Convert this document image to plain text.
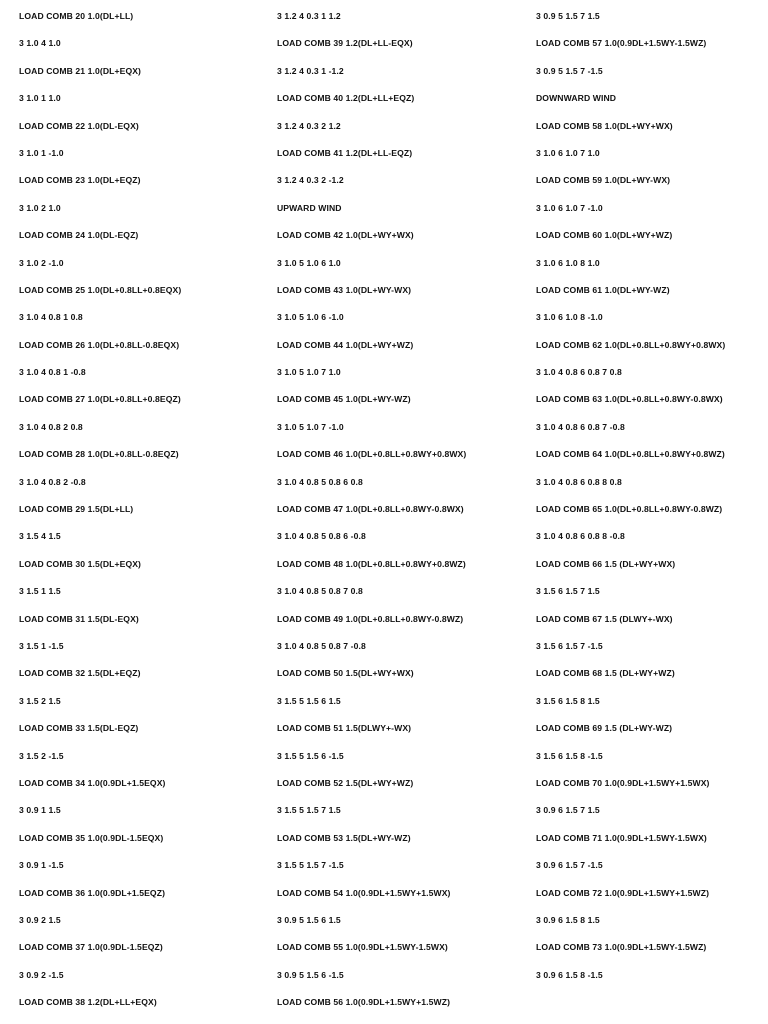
LOAD COMB 20 1.0(DL+LL)
3 1.0 4 1.0
LOAD COMB 21 1.0(DL+EQX)
3 1.0 1 1.0
LOAD COMB 22 1.0(DL-EQX)
3 1.0 1 -1.0
LOAD COMB 23 1.0(DL+EQZ)
3 1.0 2 1.0
LOAD COMB 24 1.0(DL-EQZ)
3 1.0 2 -1.0
LOAD COMB 25 1.0(DL+0.8LL+0.8EQX)
3 1.0 4 0.8 1 0.8
LOAD COMB 26 1.0(DL+0.8LL-0.8EQX)
3 1.0 4 0.8 1 -0.8
LOAD COMB 27 1.0(DL+0.8LL+0.8EQZ)
3 1.0 4 0.8 2 0.8
LOAD COMB 28 1.0(DL+0.8LL-0.8EQZ)
3 1.0 4 0.8 2 -0.8
LOAD COMB 29 1.5(DL+LL)
3 1.5 4 1.5
LOAD COMB 30 1.5(DL+EQX)
3 1.5 1 1.5
LOAD COMB 31 1.5(DL-EQX)
3 1.5 1 -1.5
LOAD COMB 32 1.5(DL+EQZ)
3 1.5 2 1.5
LOAD COMB 33 1.5(DL-EQZ)
3 1.5 2 -1.5
LOAD COMB 34 1.0(0.9DL+1.5EQX)
3 0.9 1 1.5
LOAD COMB 35 1.0(0.9DL-1.5EQX)
3 0.9 1 -1.5
LOAD COMB 36 1.0(0.9DL+1.5EQZ)
3 0.9 2 1.5
LOAD COMB 37 1.0(0.9DL-1.5EQZ)
3 0.9 2 -1.5
LOAD COMB 38 1.2(DL+LL+EQX)
3 1.2 4 0.3 1 1.2
LOAD COMB 39 1.2(DL+LL-EQX)
3 1.2 4 0.3 1 -1.2
LOAD COMB 40 1.2(DL+LL+EQZ)
3 1.2 4 0.3 2 1.2
LOAD COMB 41 1.2(DL+LL-EQZ)
3 1.2 4 0.3 2 -1.2
UPWARD WIND
LOAD COMB 42 1.0(DL+WY+WX)
3 1.0 5 1.0 6 1.0
LOAD COMB 43 1.0(DL+WY-WX)
3 1.0 5 1.0 6 -1.0
LOAD COMB 44 1.0(DL+WY+WZ)
3 1.0 5 1.0 7 1.0
LOAD COMB 45 1.0(DL+WY-WZ)
3 1.0 5 1.0 7 -1.0
LOAD COMB 46 1.0(DL+0.8LL+0.8WY+0.8WX)
3 1.0 4 0.8 5 0.8 6 0.8
LOAD COMB 47 1.0(DL+0.8LL+0.8WY-0.8WX)
3 1.0 4 0.8 5 0.8 6 -0.8
LOAD COMB 48 1.0(DL+0.8LL+0.8WY+0.8WZ)
3 1.0 4 0.8 5 0.8 7 0.8
LOAD COMB 49 1.0(DL+0.8LL+0.8WY-0.8WZ)
3 1.0 4 0.8 5 0.8 7 -0.8
LOAD COMB 50 1.5(DL+WY+WX)
3 1.5 5 1.5 6 1.5
LOAD COMB 51 1.5(DLWY+-WX)
3 1.5 5 1.5 6 -1.5
LOAD COMB 52 1.5(DL+WY+WZ)
3 1.5 5 1.5 7 1.5
LOAD COMB 53 1.5(DL+WY-WZ)
3 1.5 5 1.5 7 -1.5
LOAD COMB 54 1.0(0.9DL+1.5WY+1.5WX)
3 0.9 5 1.5 6 1.5
LOAD COMB 55 1.0(0.9DL+1.5WY-1.5WX)
3 0.9 5 1.5 6 -1.5
LOAD COMB 56 1.0(0.9DL+1.5WY+1.5WZ)
3 0.9 5 1.5 7 1.5
LOAD COMB 57 1.0(0.9DL+1.5WY-1.5WZ)
3 0.9 5 1.5 7 -1.5
DOWNWARD WIND
LOAD COMB 58 1.0(DL+WY+WX)
3 1.0 6 1.0 7 1.0
LOAD COMB 59 1.0(DL+WY-WX)
3 1.0 6 1.0 7 -1.0
LOAD COMB 60 1.0(DL+WY+WZ)
3 1.0 6 1.0 8 1.0
LOAD COMB 61 1.0(DL+WY-WZ)
3 1.0 6 1.0 8 -1.0
LOAD COMB 62 1.0(DL+0.8LL+0.8WY+0.8WX)
3 1.0 4 0.8 6 0.8 7 0.8
LOAD COMB 63 1.0(DL+0.8LL+0.8WY-0.8WX)
3 1.0 4 0.8 6 0.8 7 -0.8
LOAD COMB 64 1.0(DL+0.8LL+0.8WY+0.8WZ)
3 1.0 4 0.8 6 0.8 8 0.8
LOAD COMB 65 1.0(DL+0.8LL+0.8WY-0.8WZ)
3 1.0 4 0.8 6 0.8 8 -0.8
LOAD COMB 66 1.5 (DL+WY+WX)
3 1.5 6 1.5 7 1.5
LOAD COMB 67 1.5 (DLWY+-WX)
3 1.5 6 1.5 7 -1.5
LOAD COMB 68 1.5 (DL+WY+WZ)
3 1.5 6 1.5 8 1.5
LOAD COMB 69 1.5 (DL+WY-WZ)
3 1.5 6 1.5 8 -1.5
LOAD COMB 70 1.0(0.9DL+1.5WY+1.5WX)
3 0.9 6 1.5 7 1.5
LOAD COMB 71 1.0(0.9DL+1.5WY-1.5WX)
3 0.9 6 1.5 7 -1.5
LOAD COMB 72 1.0(0.9DL+1.5WY+1.5WZ)
3 0.9 6 1.5 8 1.5
LOAD COMB 73 1.0(0.9DL+1.5WY-1.5WZ)
3 0.9 6 1.5 8 -1.5
